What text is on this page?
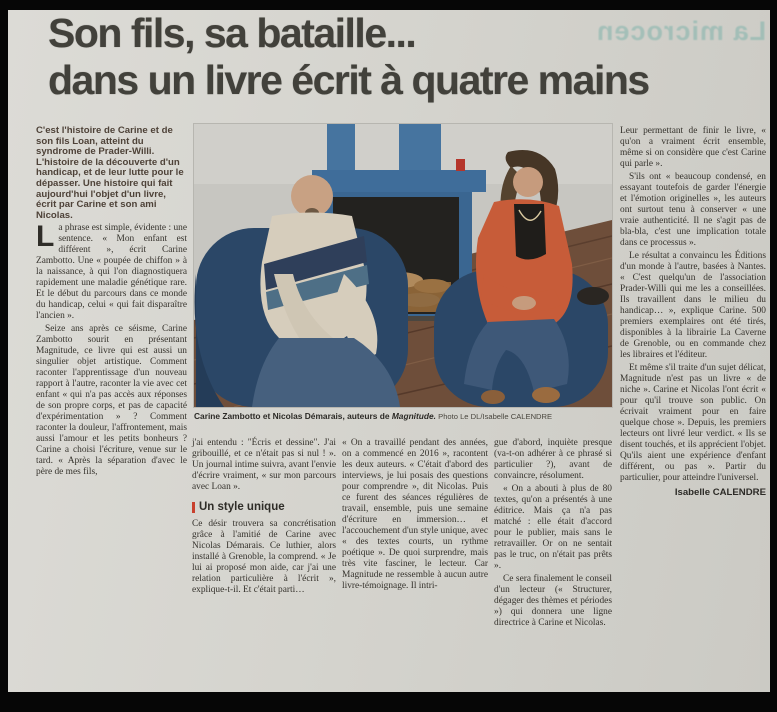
La microcen
Son fils, sa bataille...
dans un livre écrit à quatre mains

C'est l'histoire de Carine et de son fils Loan, atteint du syndrome de Prader-Willi. L'histoire de la découverte d'un handicap, et de leur lutte pour le dépasser. Une histoire qui fait aujourd'hui l'objet d'un livre, écrit par Carine et son ami Nicolas.

La phrase est simple, évidente : une sentence. « Mon enfant est différent », écrit Carine Zambotto. Une « poupée de chiffon » à la naissance, à qui l'on diagnostiquera rapidement une maladie génétique rare. Et le début du parcours dans ce monde du handicap, celui « qui fait disparaître l'ancien ».

Seize ans après ce séisme, Carine Zambotto sourit en présentant Magnitude, ce livre qui est aussi un singulier objet artistique. Comment raconter l'apprentissage d'un nouveau rapport à l'autre, raconter la vie avec cet enfant « qui n'a pas accès aux réponses de son propre corps, et pas de capacité d'expérimentation » ? Comment raconter la douleur, l'affrontement, mais aussi l'amour et les petits bonheurs ? Carine a choisi l'écriture, venue sur le tard. « Après la séparation d'avec le père de mes fils,

Carine Zambotto et Nicolas Démarais, auteurs de Magnitude. Photo Le DL/Isabelle CALENDRE

j'ai entendu : "Écris et dessine". J'ai gribouillé, et ce n'était pas si nul ! ». Un journal intime suivra, avant l'envie d'écrire vraiment, « sur mon parcours avec Loan ».

Un style unique

Ce désir trouvera sa concrétisation grâce à l'amitié de Carine avec Nicolas Démarais. Ce luthier, alors installé à Grenoble, la comprend. « Je lui ai proposé mon aide, car j'ai une relation particulière à l'écrit », explique-t-il. Et c'était parti…

« On a travaillé pendant des années, on a commencé en 2016 », racontent les deux auteurs. « C'était d'abord des interviews, je lui posais des questions pour comprendre », dit Nicolas. Puis ce furent des séances régulières de travail, ensemble, puis une semaine d'écriture en immersion… et l'accouchement d'un style unique, avec « des textes courts, un rythme poétique ». De quoi surprendre, mais très vite fasciner, le lecteur. Car Magnitude ne ressemble à aucun autre livre-témoignage. Il intri-

gue d'abord, inquiète presque (va-t-on adhérer à ce phrasé si particulier ?), avant de convaincre, résolument.

« On a abouti à plus de 80 textes, qu'on a présentés à une éditrice. Mais ça n'a pas matché : elle était d'accord pour le publier, mais sans le retravailler. Or on ne sentait pas le truc, on n'était pas prêts ».

Ce sera finalement le conseil d'un lecteur (« Structurer, dégager des thèmes et périodes ») qui donnera une ligne directrice à Carine et Nicolas.

Leur permettant de finir le livre, « qu'on a vraiment écrit ensemble, même si on considère que c'est Carine qui parle ».

S'ils ont « beaucoup condensé, en essayant toutefois de garder l'énergie et l'émotion originelles », les auteurs ont surtout tenu à conserver « une vraie authenticité. Il ne s'agit pas de bla-bla, c'est une implication totale dans ce processus ».

Le résultat a convaincu les Éditions d'un monde à l'autre, basées à Nantes. « C'est quelqu'un de l'association Prader-Willi qui me les a conseillées. Ils travaillent dans le milieu du handicap… », explique Carine. 500 premiers exemplaires ont été tirés, disponibles à la librairie La Caverne de Grenoble, ou en commande chez les libraires et l'éditeur.

Et même s'il traite d'un sujet délicat, Magnitude n'est pas un livre « de niche ». Carine et Nicolas l'ont écrit « pour qu'il trouve son public. On écrivait vraiment pour en faire quelque chose ». Depuis, les premiers lecteurs ont livré leur verdict. « Ils se disent touchés, et ils apprécient l'objet. Qu'ils aient une expérience d'enfant différent, ou pas ». Partir du particulier, pour atteindre l'universel.

Isabelle CALENDRE
